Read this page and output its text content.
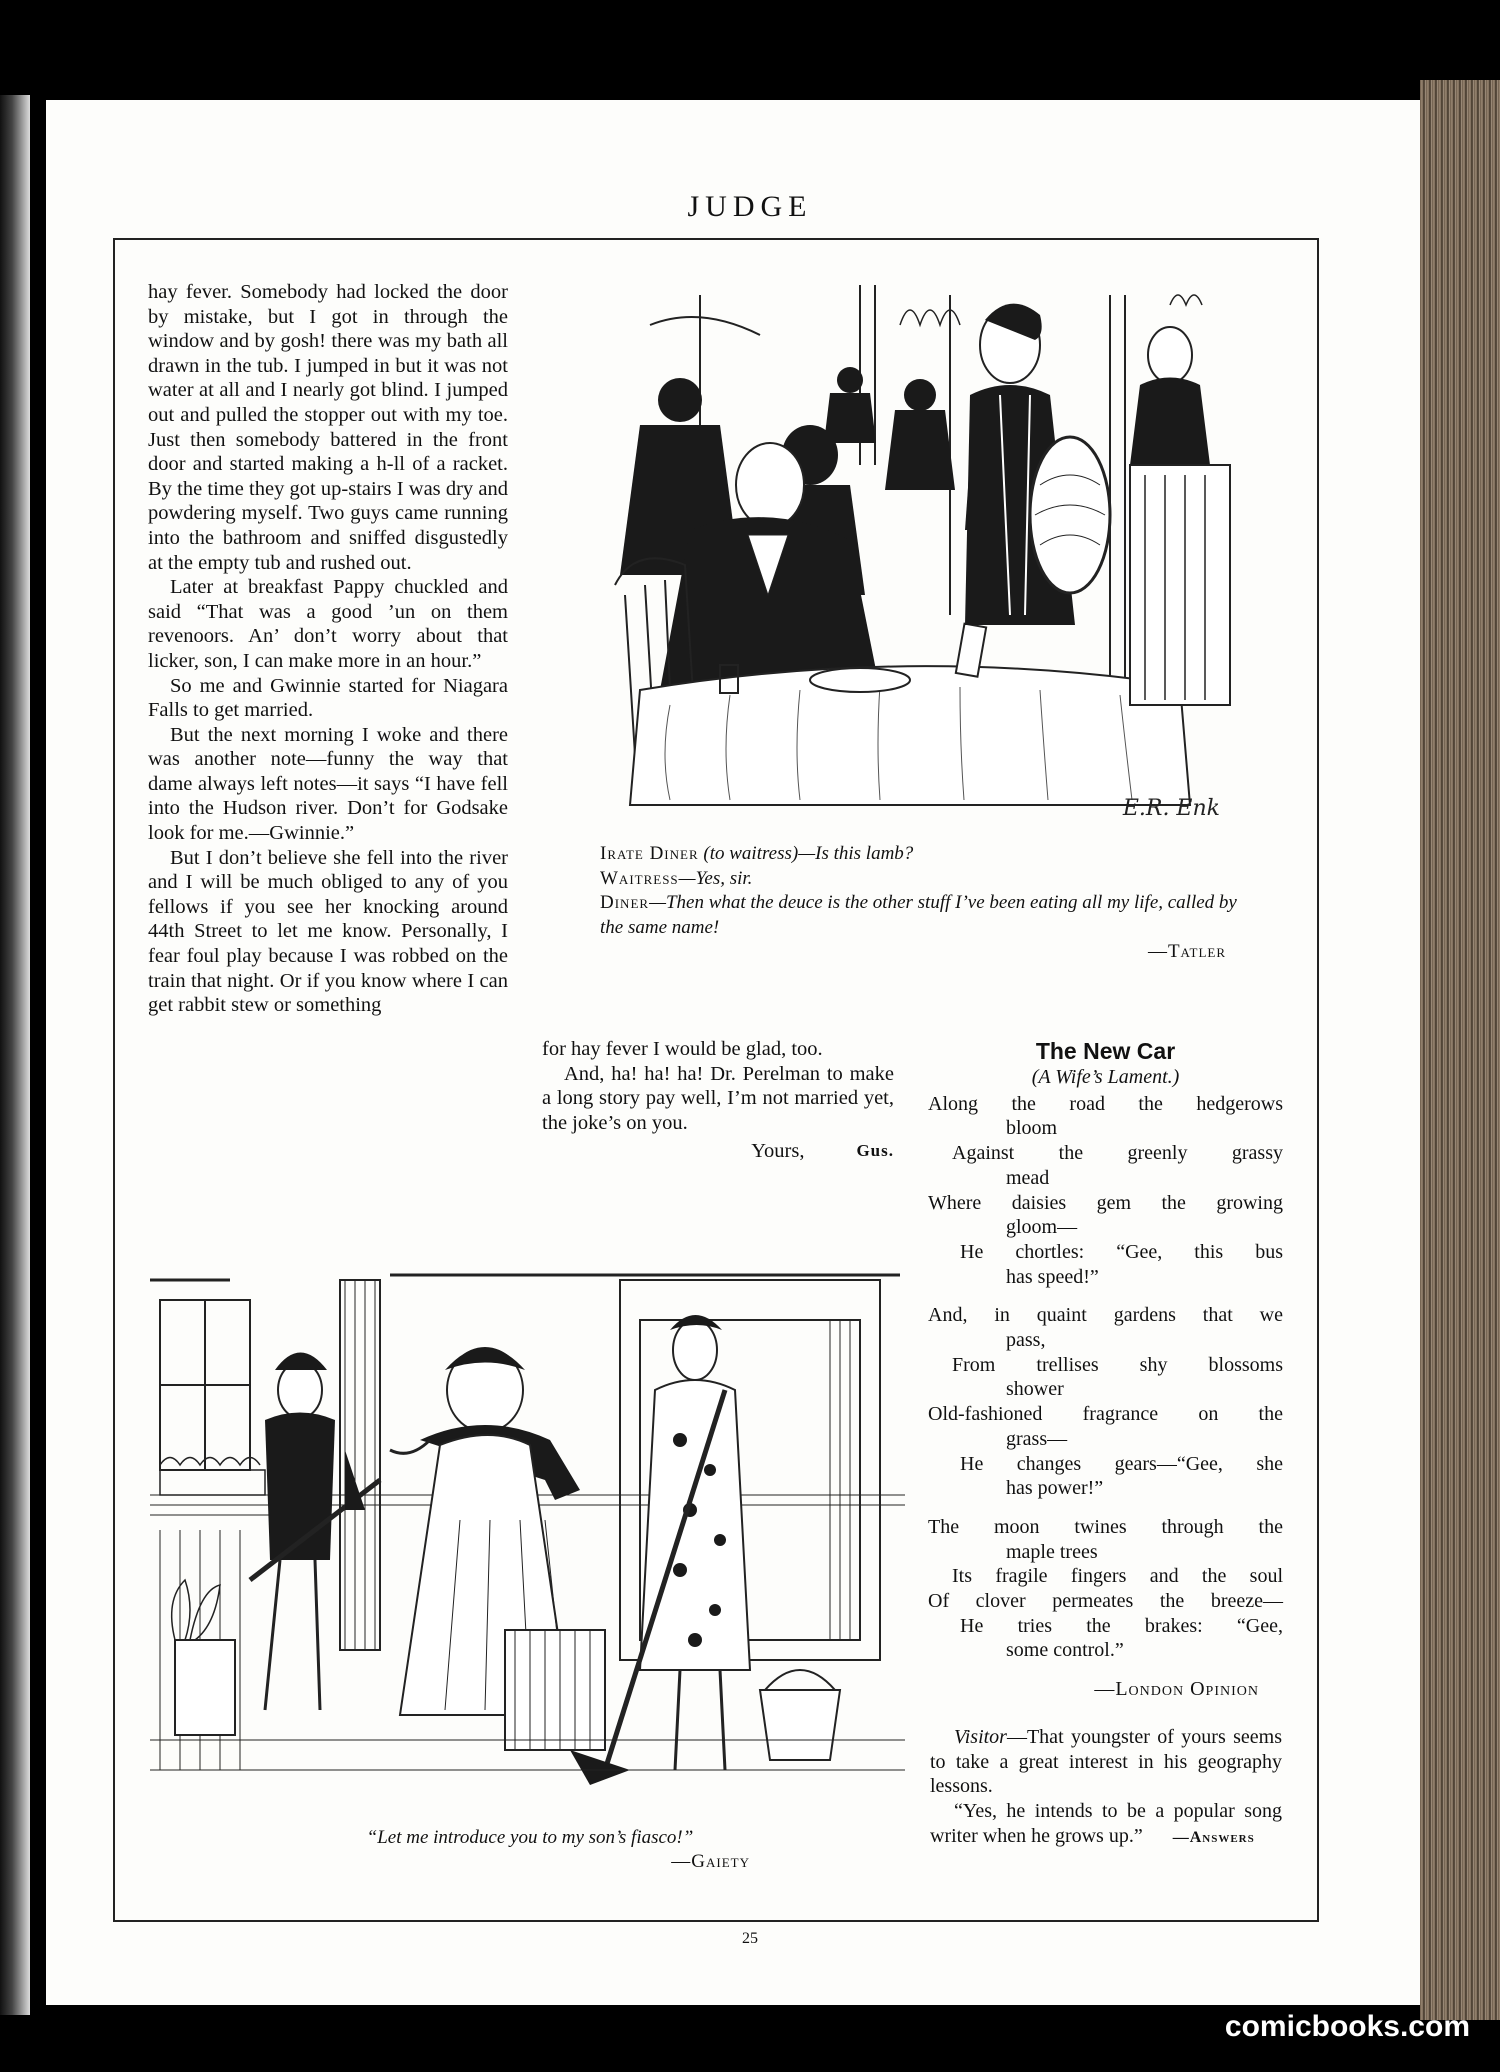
JUDGE

hay fever. Somebody had locked the door by mistake, but I got in through the window and by gosh! there was my bath all drawn in the tub. I jumped in but it was not water at all and I nearly got blind. I jumped out and pulled the stopper out with my toe. Just then somebody battered in the front door and started making a h-ll of a racket. By the time they got up-stairs I was dry and powdering myself. Two guys came running into the bathroom and sniffed disgustedly at the empty tub and rushed out.

Later at breakfast Pappy chuckled and said “That was a good ’un on them revenoors. An’ don’t worry about that licker, son, I can make more in an hour.”

So me and Gwinnie started for Niagara Falls to get married.

But the next morning I woke and there was another note—funny the way that dame always left notes—it says “I have fell into the Hudson river. Don’t for Godsake look for me.—Gwinnie.”

But I don’t believe she fell into the river and I will be much obliged to any of you fellows if you see her knocking around 44th Street to let me know. Personally, I fear foul play because I was robbed on the train that night. Or if you know where I can get rabbit stew or something

for hay fever I would be glad, too.

And, ha! ha! ha! Dr. Perelman to make a long story pay well, I’m not married yet, the joke’s on you.

Yours,	Gus.
E.R. Enk
Irate Diner (to waitress)—Is this lamb?
Waitress—Yes, sir.
Diner—Then what the deuce is the other stuff I’ve been eating all my life, called by the same name!
—Tatler
“Let me introduce you to my son’s fiasco!”
—Gaiety
The New Car
(A Wife’s Lament.)
Along the road the hedgerows
bloom
Against the greenly grassy
mead
Where daisies gem the growing
gloom—
He chortles: “Gee, this bus
has speed!”
And, in quaint gardens that we
pass,
From trellises shy blossoms
shower
Old-fashioned fragrance on the
grass—
He changes gears—“Gee, she
has power!”
The moon twines through the
maple trees
Its fragile fingers and the soul
Of clover permeates the breeze—
He tries the brakes: “Gee,
some control.”
—London Opinion

Visitor—That youngster of yours seems to take a great interest in his geography lessons.

“Yes, he intends to be a popular song writer when he grows up.” —Answers

25
comicbooks.com
